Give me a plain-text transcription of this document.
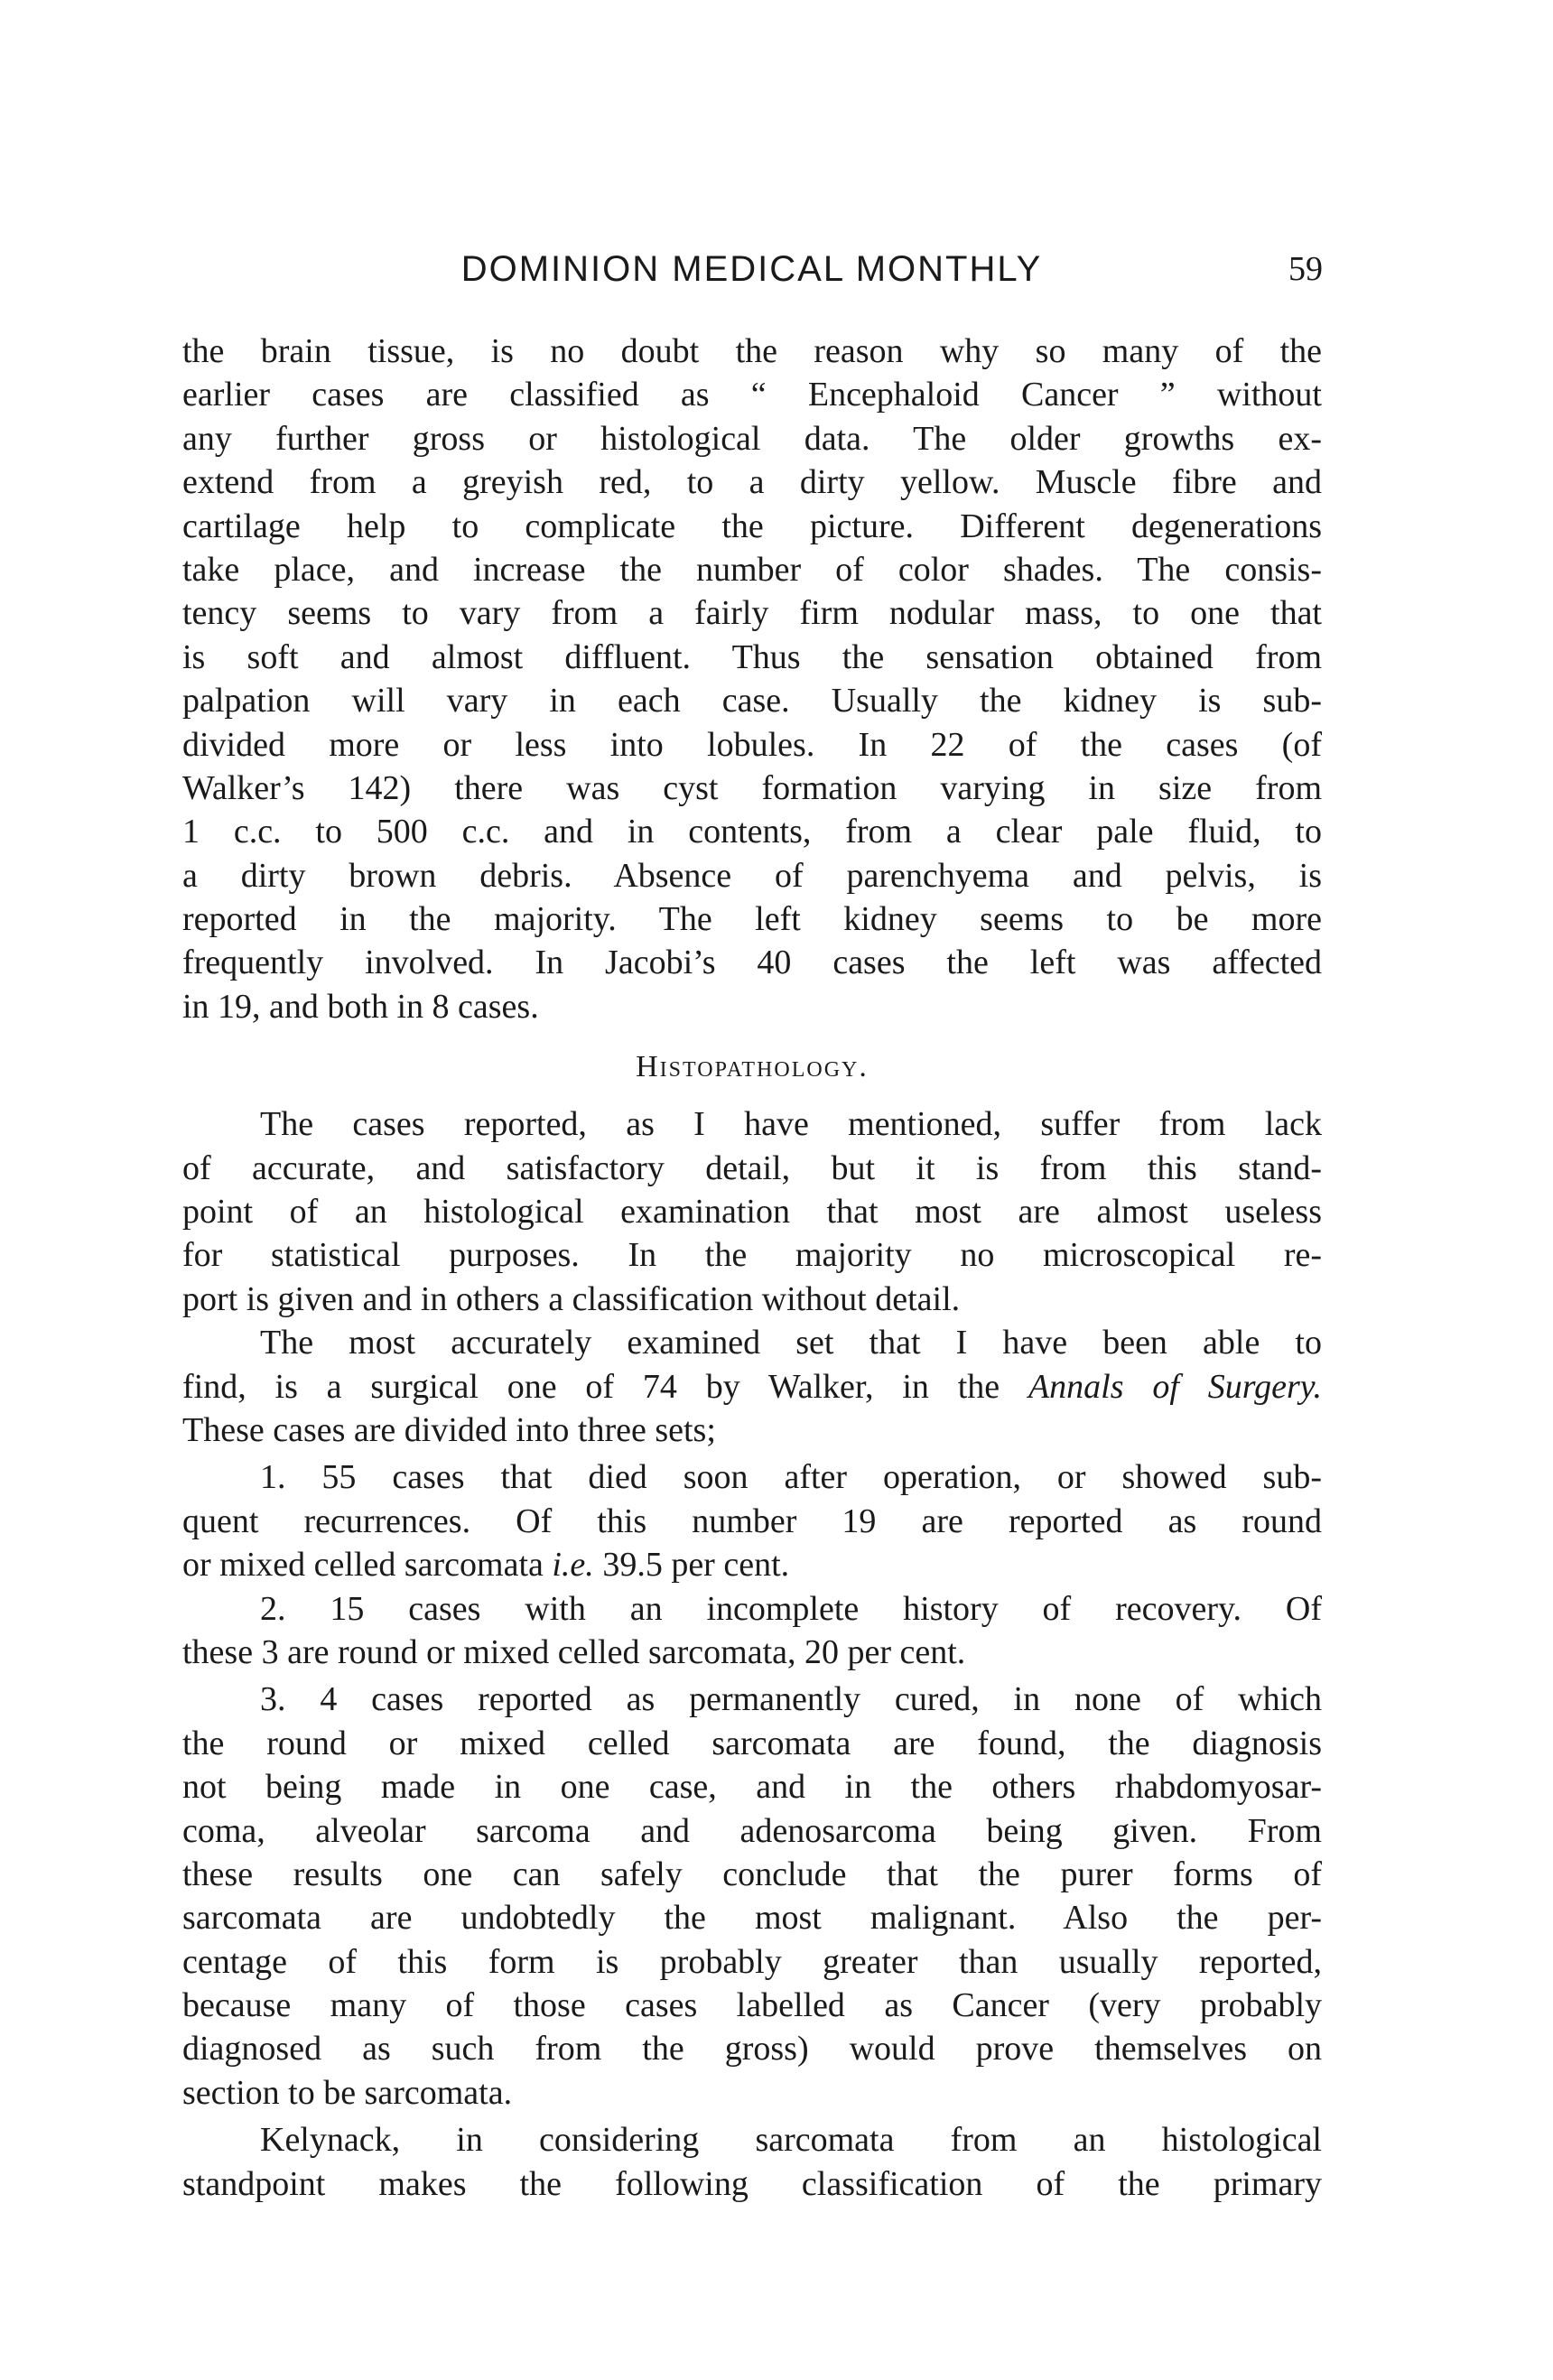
DOMINION MEDICAL MONTHLY	59
the brain tissue, is no doubt the reason why so many of the
earlier cases are classified as “ Encephaloid Cancer ” without
any further gross or histological data. The older growths ex-
extend from a greyish red, to a dirty yellow. Muscle fibre and
cartilage help to complicate the picture. Different degenerations
take place, and increase the number of color shades. The consis-
tency seems to vary from a fairly firm nodular mass, to one that
is soft and almost diffluent. Thus the sensation obtained from
palpation will vary in each case. Usually the kidney is sub-
divided more or less into lobules. In 22 of the cases (of
Walker’s 142) there was cyst formation varying in size from
1 c.c. to 500 c.c. and in contents, from a clear pale fluid, to
a dirty brown debris. Absence of parenchyema and pelvis, is
reported in the majority. The left kidney seems to be more
frequently involved. In Jacobi’s 40 cases the left was affected
in 19, and both in 8 cases.
Histopathology.
The cases reported, as I have mentioned, suffer from lack
of accurate, and satisfactory detail, but it is from this stand-
point of an histological examination that most are almost useless
for statistical purposes. In the majority no microscopical re-
port is given and in others a classification without detail.
The most accurately examined set that I have been able to
find, is a surgical one of 74 by Walker, in the Annals of Surgery.
These cases are divided into three sets;
1. 55 cases that died soon after operation, or showed sub-
quent recurrences. Of this number 19 are reported as round
or mixed celled sarcomata i.e. 39.5 per cent.
2. 15 cases with an incomplete history of recovery. Of
these 3 are round or mixed celled sarcomata, 20 per cent.
3. 4 cases reported as permanently cured, in none of which
the round or mixed celled sarcomata are found, the diagnosis
not being made in one case, and in the others rhabdomyosar-
coma, alveolar sarcoma and adenosarcoma being given. From
these results one can safely conclude that the purer forms of
sarcomata are undobtedly the most malignant. Also the per-
centage of this form is probably greater than usually reported,
because many of those cases labelled as Cancer (very probably
diagnosed as such from the gross) would prove themselves on
section to be sarcomata.
Kelynack, in considering sarcomata from an histological
standpoint makes the following classification of the primary
